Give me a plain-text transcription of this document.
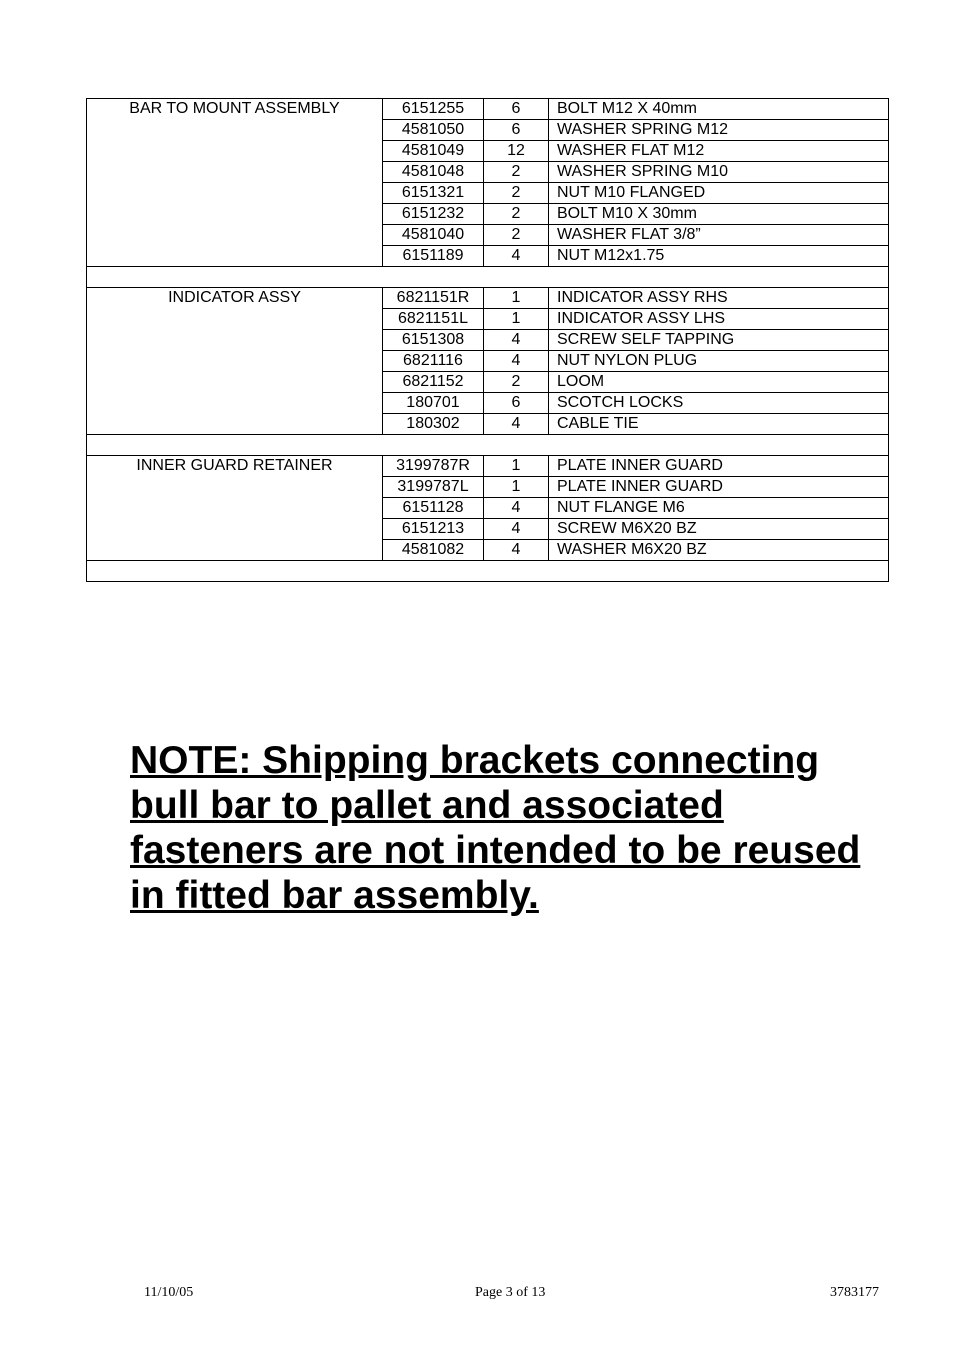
BAR TO MOUNT ASSEMBLY	6151255	6	BOLT M12 X 40mm
	4581050	6	WASHER SPRING M12
	4581049	12	WASHER FLAT M12
	4581048	2	WASHER SPRING M10
	6151321	2	NUT M10 FLANGED
	6151232	2	BOLT M10 X 30mm
	4581040	2	WASHER FLAT 3/8”
	6151189	4	NUT M12x1.75

INDICATOR ASSY	6821151R	1	INDICATOR ASSY RHS
	6821151L	1	INDICATOR ASSY LHS
	6151308	4	SCREW SELF TAPPING
	6821116	4	NUT NYLON PLUG
	6821152	2	LOOM
	180701	6	SCOTCH LOCKS
	180302	4	CABLE TIE

INNER GUARD RETAINER	3199787R	1	PLATE INNER GUARD
	3199787L	1	PLATE INNER GUARD
	6151128	4	NUT FLANGE M6
	6151213	4	SCREW M6X20 BZ
	4581082	4	WASHER M6X20 BZ

NOTE: Shipping brackets connecting bull bar to pallet and associated fasteners are not intended to be reused in fitted bar assembly.

11/10/05	Page 3 of 13	3783177
